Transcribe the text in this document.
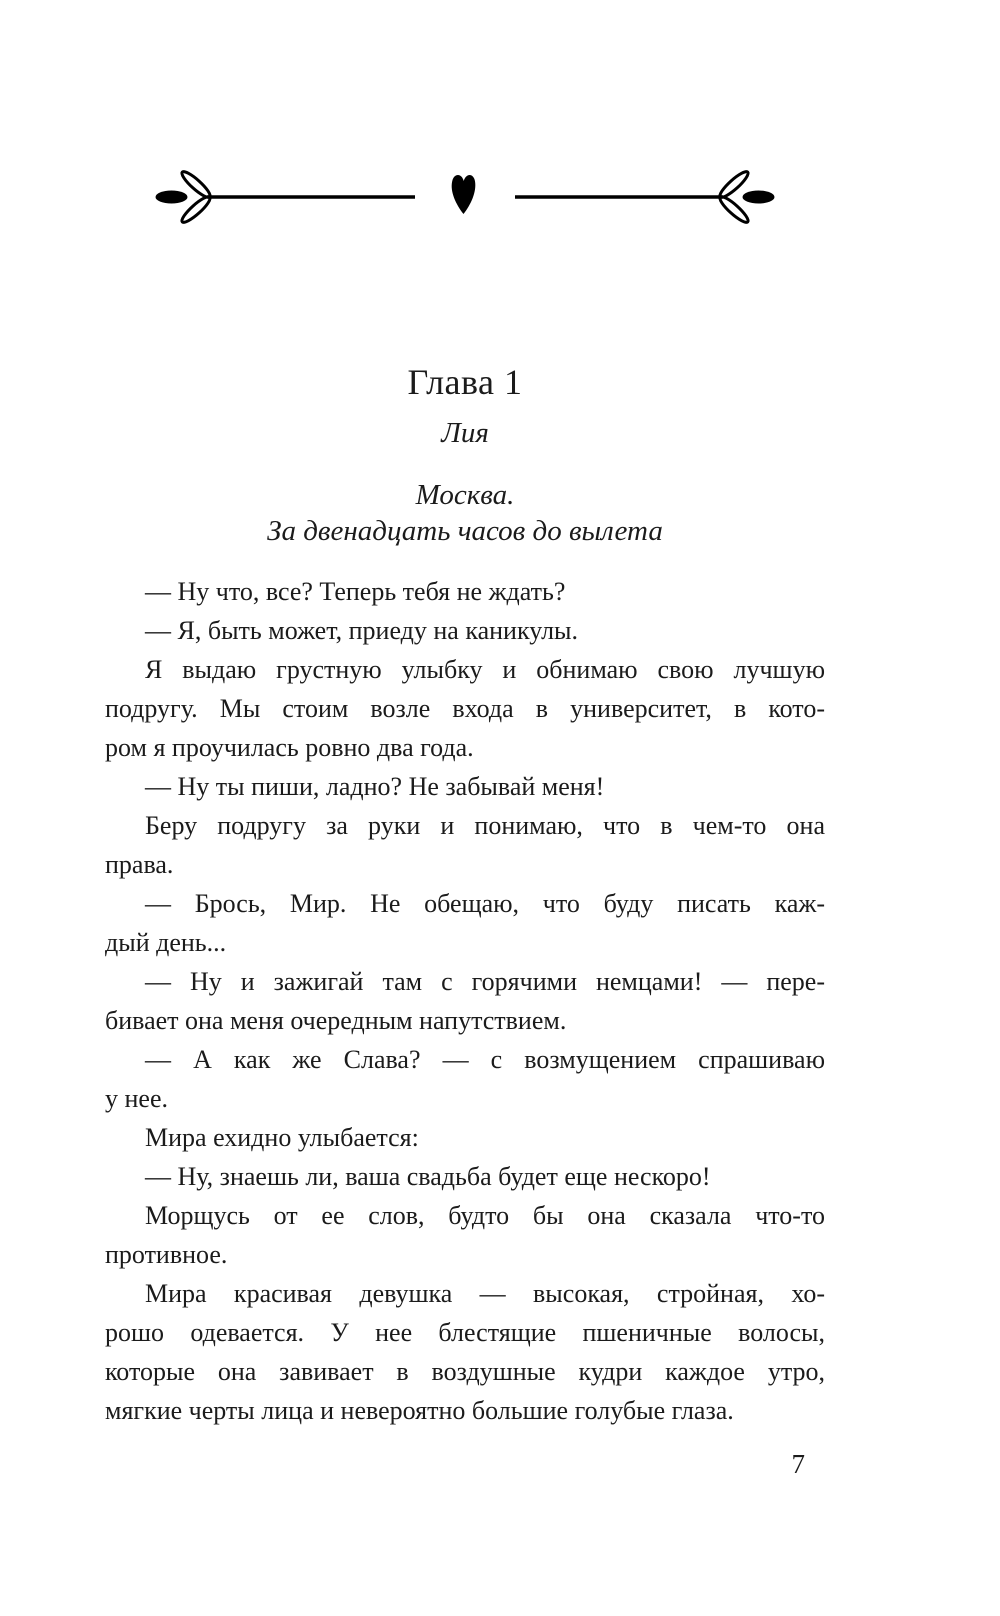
Глава 1
Лия
Москва.
За двенадцать часов до вылета
— Ну что, все? Теперь тебя не ждать?
— Я, быть может, приеду на каникулы.
Я выдаю грустную улыбку и обнимаю свою лучшую
подругу. Мы стоим возле входа в университет, в кото-
ром я проучилась ровно два года.
— Ну ты пиши, ладно? Не забывай меня!
Беру подругу за руки и понимаю, что в чем-то она
права.
— Брось, Мир. Не обещаю, что буду писать каж-
дый день...
— Ну и зажигай там с горячими немцами! — пере-
бивает она меня очередным напутствием.
— А как же Слава? — с возмущением спрашиваю
у нее.
Мира ехидно улыбается:
— Ну, знаешь ли, ваша свадьба будет еще нескоро!
Морщусь от ее слов, будто бы она сказала что-то
противное.
Мира красивая девушка — высокая, стройная, хо-
рошо одевается. У нее блестящие пшеничные волосы,
которые она завивает в воздушные кудри каждое утро,
мягкие черты лица и невероятно большие голубые глаза.
7
